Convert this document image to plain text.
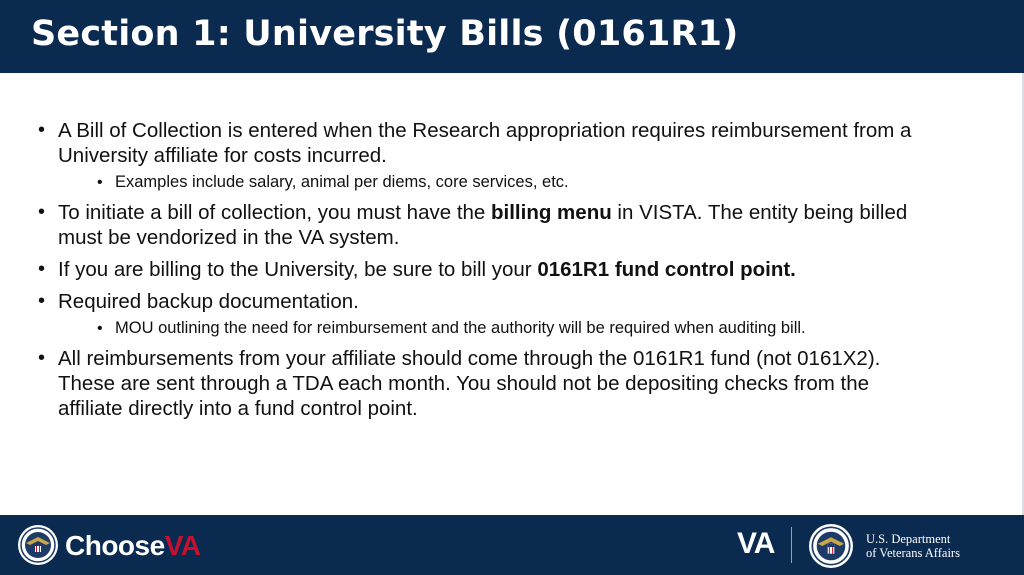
Section 1: University Bills (0161R1)
• A Bill of Collection is entered when the Research appropriation requires reimbursement from a University affiliate for costs incurred.
• Examples include salary, animal per diems, core services, etc.
• To initiate a bill of collection, you must have the billing menu in VISTA. The entity being billed must be vendorized in the VA system.
• If you are billing to the University, be sure to bill your 0161R1 fund control point.
• Required backup documentation.
• MOU outlining the need for reimbursement and the authority will be required when auditing bill.
• All reimbursements from your affiliate should come through the 0161R1 fund (not 0161X2). These are sent through a TDA each month. You should not be depositing checks from the affiliate directly into a fund control point.
ChooseVA	VA	U.S. Department
of Veterans Affairs
